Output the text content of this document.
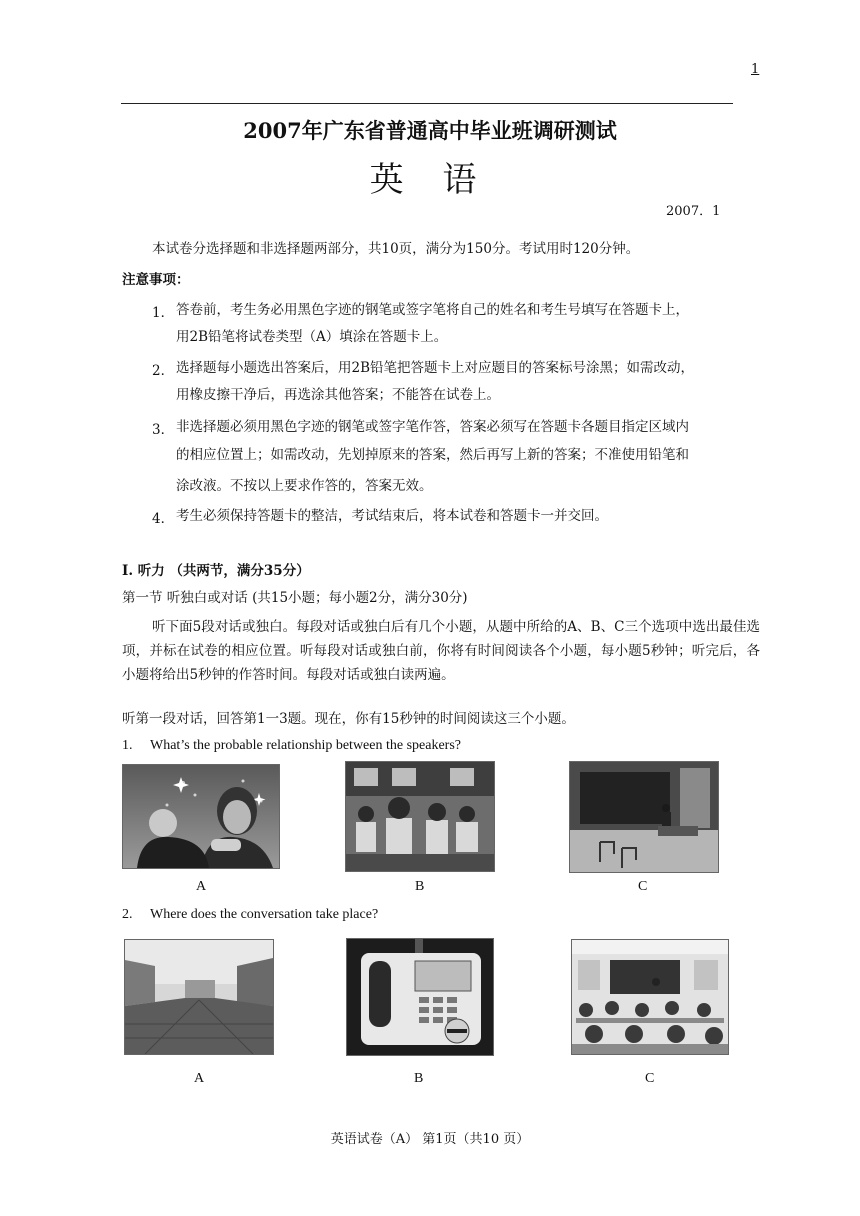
1
2007年广东省普通高中毕业班调研测试
英 语
2007．1
本试卷分选择题和非选择题两部分，共10页，满分为150分。考试用时120分钟。
注意事项：
1． 答卷前，考生务必用黑色字迹的钢笔或签字笔将自己的姓名和考生号填写在答题卡上，
用2B铅笔将试卷类型（A）填涂在答题卡上。
2． 选择题每小题选出答案后，用2B铅笔把答题卡上对应题目的答案标号涂黑；如需改动，
用橡皮擦干净后，再选涂其他答案；不能答在试卷上。
3． 非选择题必须用黑色字迹的钢笔或签字笔作答，答案必须写在答题卡各题目指定区域内
的相应位置上；如需改动，先划掉原来的答案，然后再写上新的答案；不准使用铅笔和
涂改液。不按以上要求作答的，答案无效。
4． 考生必须保持答题卡的整洁，考试结束后，将本试卷和答题卡一并交回。
I. 听力 （共两节，满分35分）
第一节 听独白或对话 (共15小题；每小题2分，满分30分)
听下面5段对话或独白。每段对话或独白后有几个小题，从题中所给的A、B、C三个选项中选出最佳选项，并标在试卷的相应位置。听每段对话或独白前，你将有时间阅读各个小题，每小题5秒钟；听完后，各小题将给出5秒钟的作答时间。每段对话或独白读两遍。
听第一段对话，回答第1一3题。现在，你有15秒钟的时间阅读这三个小题。
1. What’s the probable relationship between the speakers?
A	B	C
2. Where does the conversation take place?
A	B	C
英语试卷（A） 第1页（共10 页）
